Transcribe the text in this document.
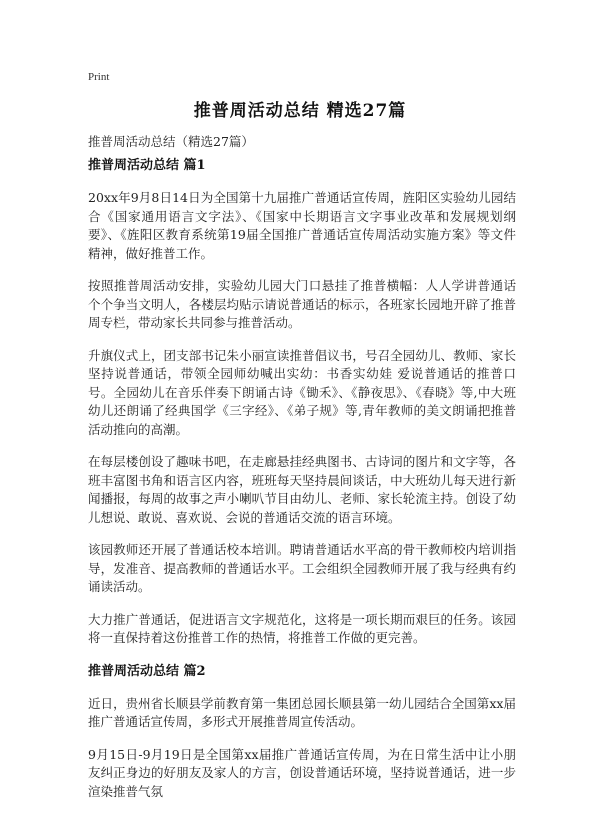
Print
推普周活动总结 精选27篇

推普周活动总结（精选27篇）

推普周活动总结 篇1

20xx年9月8日14日为全国第十九届推广普通话宣传周，旌阳区实验幼儿园结合《国家通用语言文字法》、《国家中长期语言文字事业改革和发展规划纲要》、《旌阳区教育系统第19届全国推广普通话宣传周活动实施方案》等文件精神，做好推普工作。

按照推普周活动安排，实验幼儿园大门口悬挂了推普横幅：人人学讲普通话 个个争当文明人，各楼层均贴示请说普通话的标示，各班家长园地开辟了推普周专栏，带动家长共同参与推普活动。

升旗仪式上，团支部书记朱小丽宣读推普倡议书，号召全园幼儿、教师、家长坚持说普通话，带领全园师幼喊出实幼：书香实幼娃 爱说普通话的推普口号。全园幼儿在音乐伴奏下朗诵古诗《锄禾》、《静夜思》、《春晓》等,中大班幼儿还朗诵了经典国学《三字经》、《弟子规》等,青年教师的美文朗诵把推普活动推向的高潮。

在每层楼创设了趣味书吧，在走廊悬挂经典图书、古诗词的图片和文字等，各班丰富图书角和语言区内容，班班每天坚持晨间谈话，中大班幼儿每天进行新闻播报，每周的故事之声小喇叭节目由幼儿、老师、家长轮流主持。创设了幼儿想说、敢说、喜欢说、会说的普通话交流的语言环境。

该园教师还开展了普通话校本培训。聘请普通话水平高的骨干教师校内培训指导，发准音、提高教师的普通话水平。工会组织全园教师开展了我与经典有约诵读活动。

大力推广普通话，促进语言文字规范化，这将是一项长期而艰巨的任务。该园将一直保持着这份推普工作的热情，将推普工作做的更完善。

推普周活动总结 篇2

近日，贵州省长顺县学前教育第一集团总园长顺县第一幼儿园结合全国第xx届推广普通话宣传周，多形式开展推普周宣传活动。

9月15日-9月19日是全国第xx届推广普通话宣传周，为在日常生活中让小朋友纠正身边的好朋友及家人的方言，创设普通话环境，坚持说普通话，进一步渲染推普气氛
